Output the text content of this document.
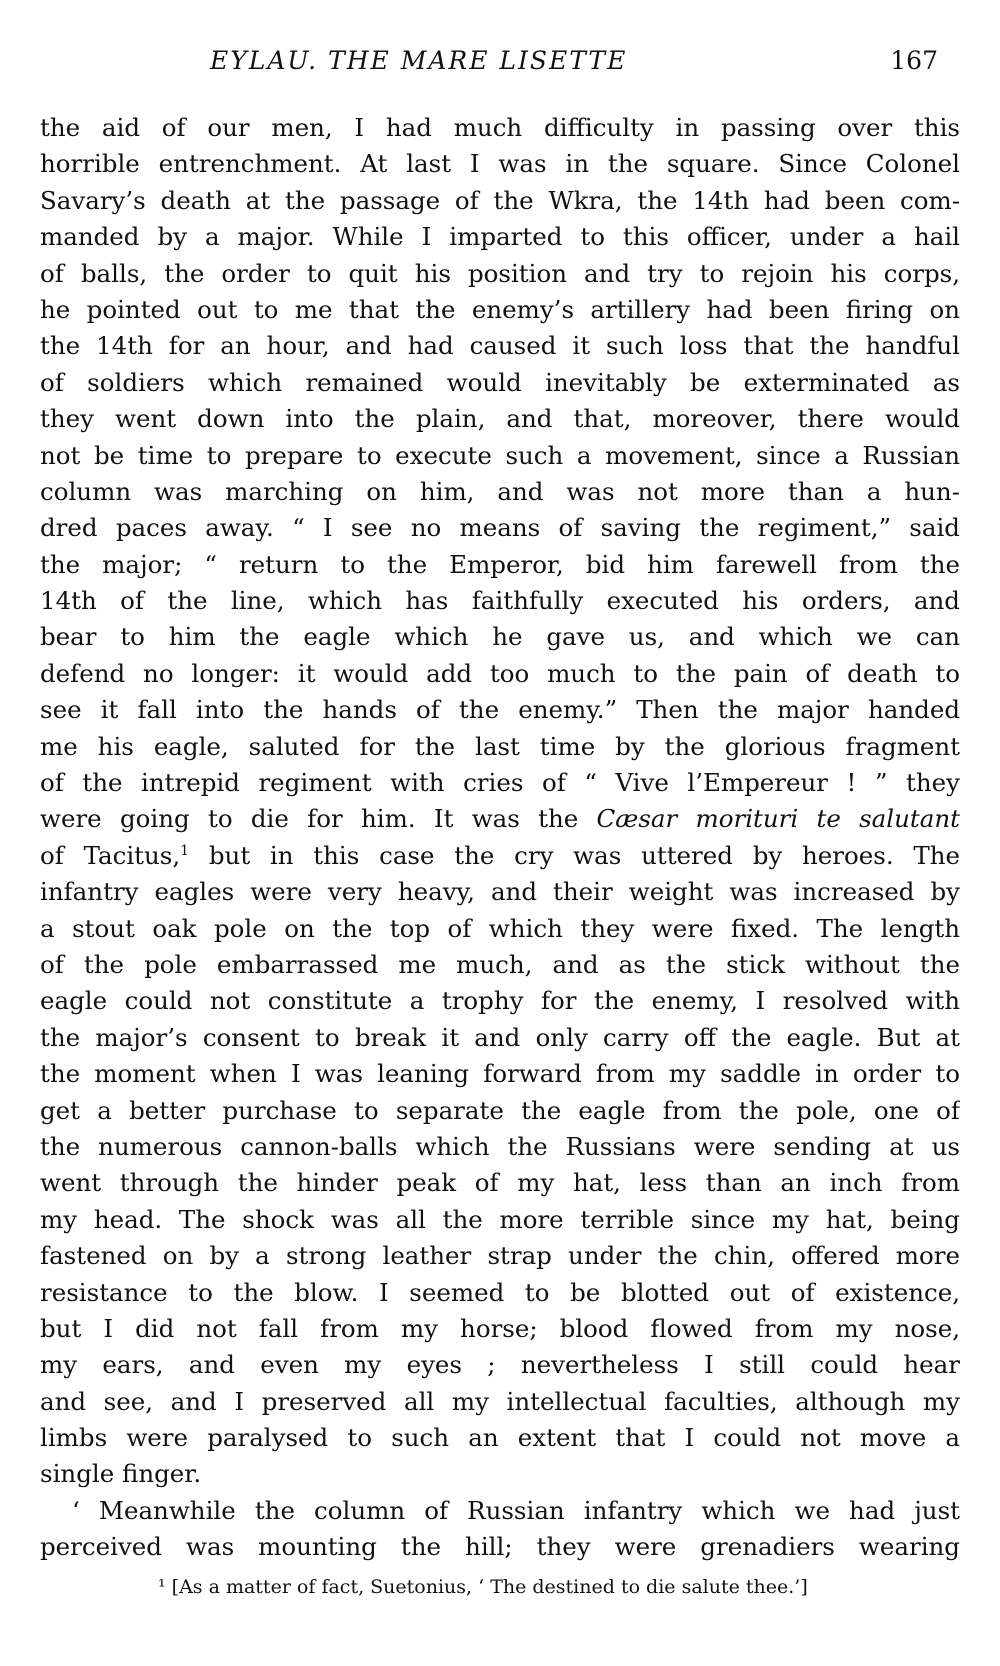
EYLAU. THE MARE LISETTE	167
the aid of our men, I had much difficulty in passing over this
horrible entrenchment. At last I was in the square. Since Colonel
Savary’s death at the passage of the Wkra, the 14th had been com-
manded by a major. While I imparted to this officer, under a hail
of balls, the order to quit his position and try to rejoin his corps,
he pointed out to me that the enemy’s artillery had been firing on
the 14th for an hour, and had caused it such loss that the handful
of soldiers which remained would inevitably be exterminated as
they went down into the plain, and that, moreover, there would
not be time to prepare to execute such a movement, since a Russian
column was marching on him, and was not more than a hun-
dred paces away. “ I see no means of saving the regiment,” said
the major; “ return to the Emperor, bid him farewell from the
14th of the line, which has faithfully executed his orders, and
bear to him the eagle which he gave us, and which we can
defend no longer: it would add too much to the pain of death to
see it fall into the hands of the enemy.” Then the major handed
me his eagle, saluted for the last time by the glorious fragment
of the intrepid regiment with cries of “ Vive l’Empereur ! ” they
were going to die for him. It was the Cæsar morituri te salutant
of Tacitus,$^1$ but in this case the cry was uttered by heroes. The
infantry eagles were very heavy, and their weight was increased by
a stout oak pole on the top of which they were fixed. The length
of the pole embarrassed me much, and as the stick without the
eagle could not constitute a trophy for the enemy, I resolved with
the major’s consent to break it and only carry off the eagle. But at
the moment when I was leaning forward from my saddle in order to
get a better purchase to separate the eagle from the pole, one of
the numerous cannon-balls which the Russians were sending at us
went through the hinder peak of my hat, less than an inch from
my head. The shock was all the more terrible since my hat, being
fastened on by a strong leather strap under the chin, offered more
resistance to the blow. I seemed to be blotted out of existence,
but I did not fall from my horse; blood flowed from my nose,
my ears, and even my eyes ; nevertheless I still could hear
and see, and I preserved all my intellectual faculties, although my
limbs were paralysed to such an extent that I could not move a
single finger.
‘ Meanwhile the column of Russian infantry which we had just
perceived was mounting the hill; they were grenadiers wearing
¹ [As a matter of fact, Suetonius, ‘ The destined to die salute thee.’]
